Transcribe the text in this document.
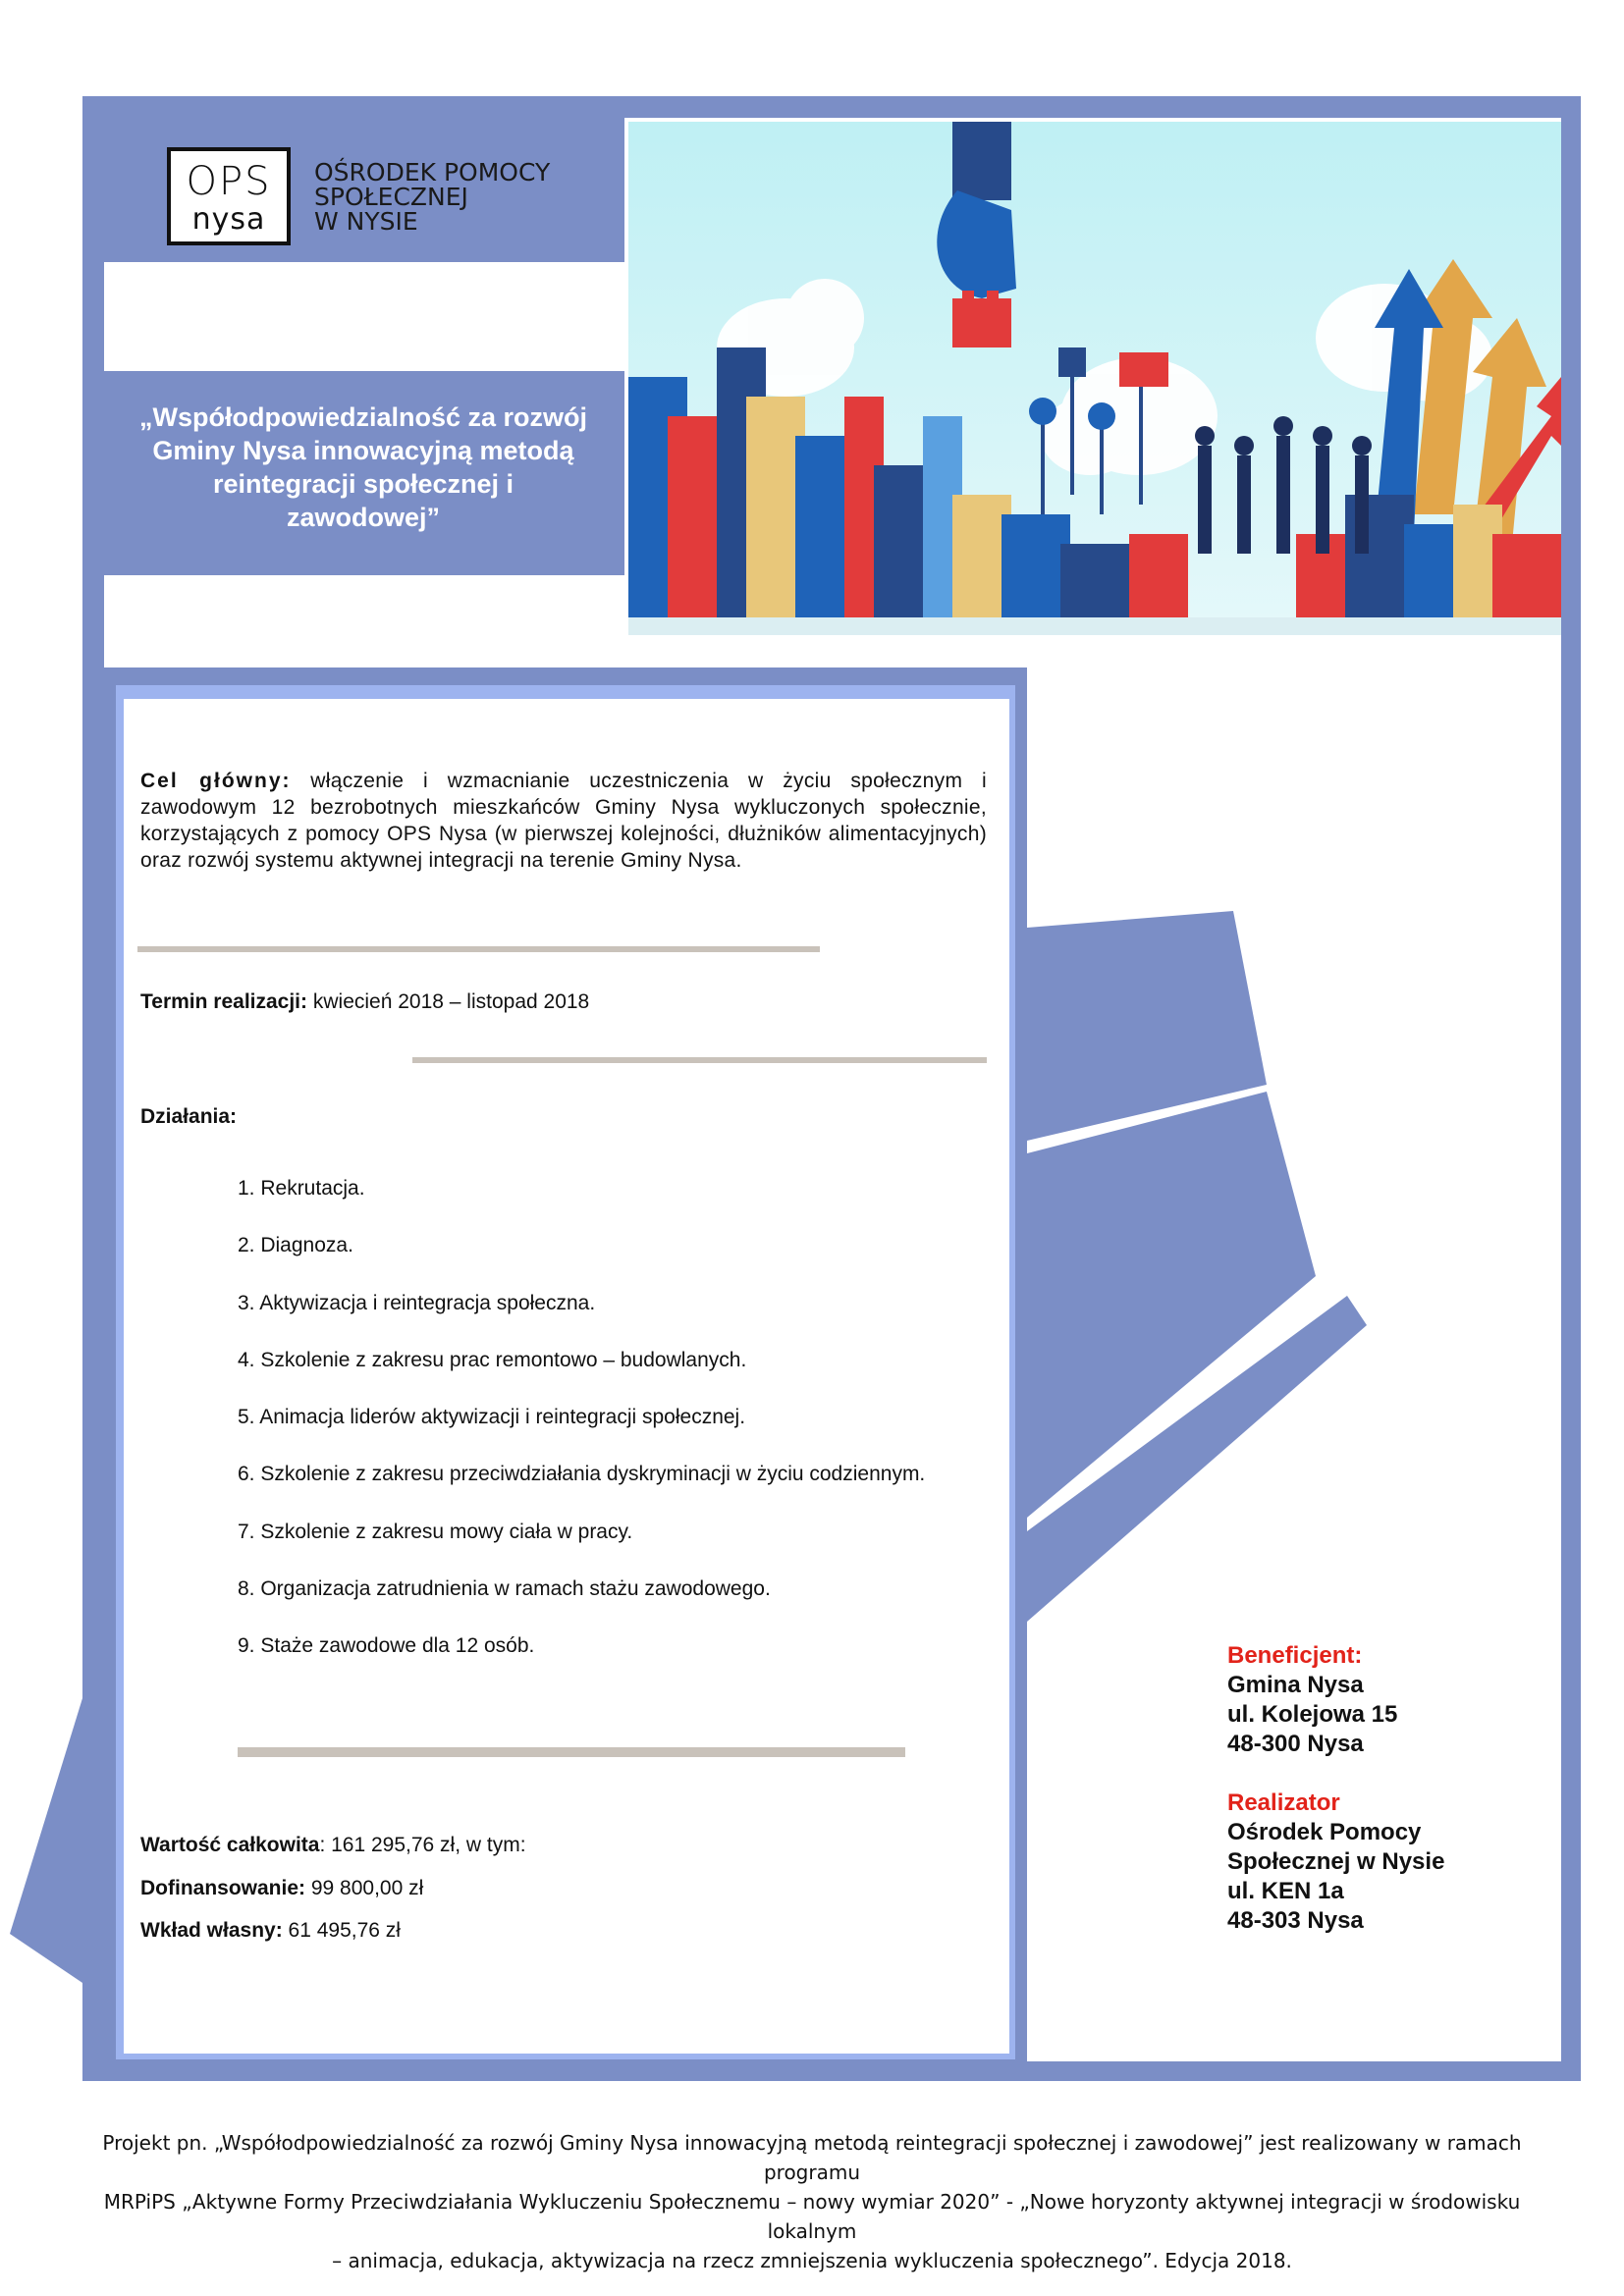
OPS
nysa
OŚRODEK POMOCY
SPOŁECZNEJ
W NYSIE
„Współodpowiedzialność za rozwój Gminy Nysa innowacyjną metodą reintegracji społecznej i zawodowej”
Cel główny: włączenie i wzmacnianie uczestniczenia w życiu społecznym i zawodowym 12 bezrobotnych mieszkańców Gminy Nysa wykluczonych społecznie, korzystających z pomocy OPS Nysa (w pierwszej kolejności, dłużników alimentacyjnych) oraz rozwój systemu aktywnej integracji na terenie Gminy Nysa.
Termin realizacji: kwiecień 2018 – listopad 2018
Działania:
1. Rekrutacja.
2. Diagnoza.
3. Aktywizacja i reintegracja społeczna.
4. Szkolenie z zakresu prac remontowo – budowlanych.
5. Animacja liderów aktywizacji i reintegracji społecznej.
6. Szkolenie z zakresu przeciwdziałania dyskryminacji w życiu codziennym.
7. Szkolenie z zakresu mowy ciała w pracy.
8. Organizacja zatrudnienia w ramach stażu zawodowego.
9. Staże zawodowe dla 12 osób.
Wartość całkowita: 161 295,76 zł, w tym:
Dofinansowanie: 99 800,00 zł
Wkład własny: 61 495,76 zł
Beneficjent:
Gmina Nysa
ul. Kolejowa 15
48-300 Nysa
Realizator
Ośrodek Pomocy
Społecznej w Nysie
ul. KEN 1a
48-303 Nysa
Projekt pn. „Współodpowiedzialność za rozwój Gminy Nysa innowacyjną metodą reintegracji społecznej i zawodowej” jest realizowany w ramach programu
MRPiPS „Aktywne Formy Przeciwdziałania Wykluczeniu Społecznemu – nowy wymiar 2020” - „Nowe horyzonty aktywnej integracji w środowisku lokalnym
– animacja, edukacja, aktywizacja na rzecz zmniejszenia wykluczenia społecznego”. Edycja 2018.
